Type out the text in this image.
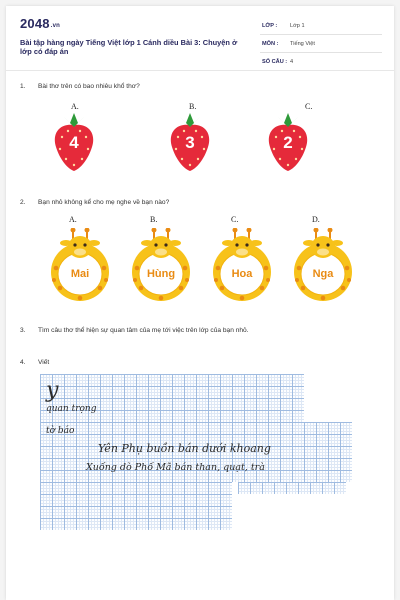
2048.vn
Bài tập hàng ngày Tiếng Việt lớp 1 Cánh diều Bài 3: Chuyện ở lớp có đáp án
LỚP : Lớp 1
MÔN : Tiếng Việt
SỐ CÂU : 4
1. Bài thơ trên có bao nhiêu khổ thơ?
A.
4
B.
3
C.
2
2. Bạn nhỏ không kể cho mẹ nghe về bạn nào?
A.
Mai
B.
Hùng
C.
Hoa
D.
Nga
3. Tìm câu thơ thể hiện sự quan tâm của mẹ tới việc trên lớp của bạn nhỏ.
4. Viết
y
quan trọng
tờ báo
Yên Phụ buồn bán dưới khoang
Xuống dò Phố Mã bán than, quạt, trà
